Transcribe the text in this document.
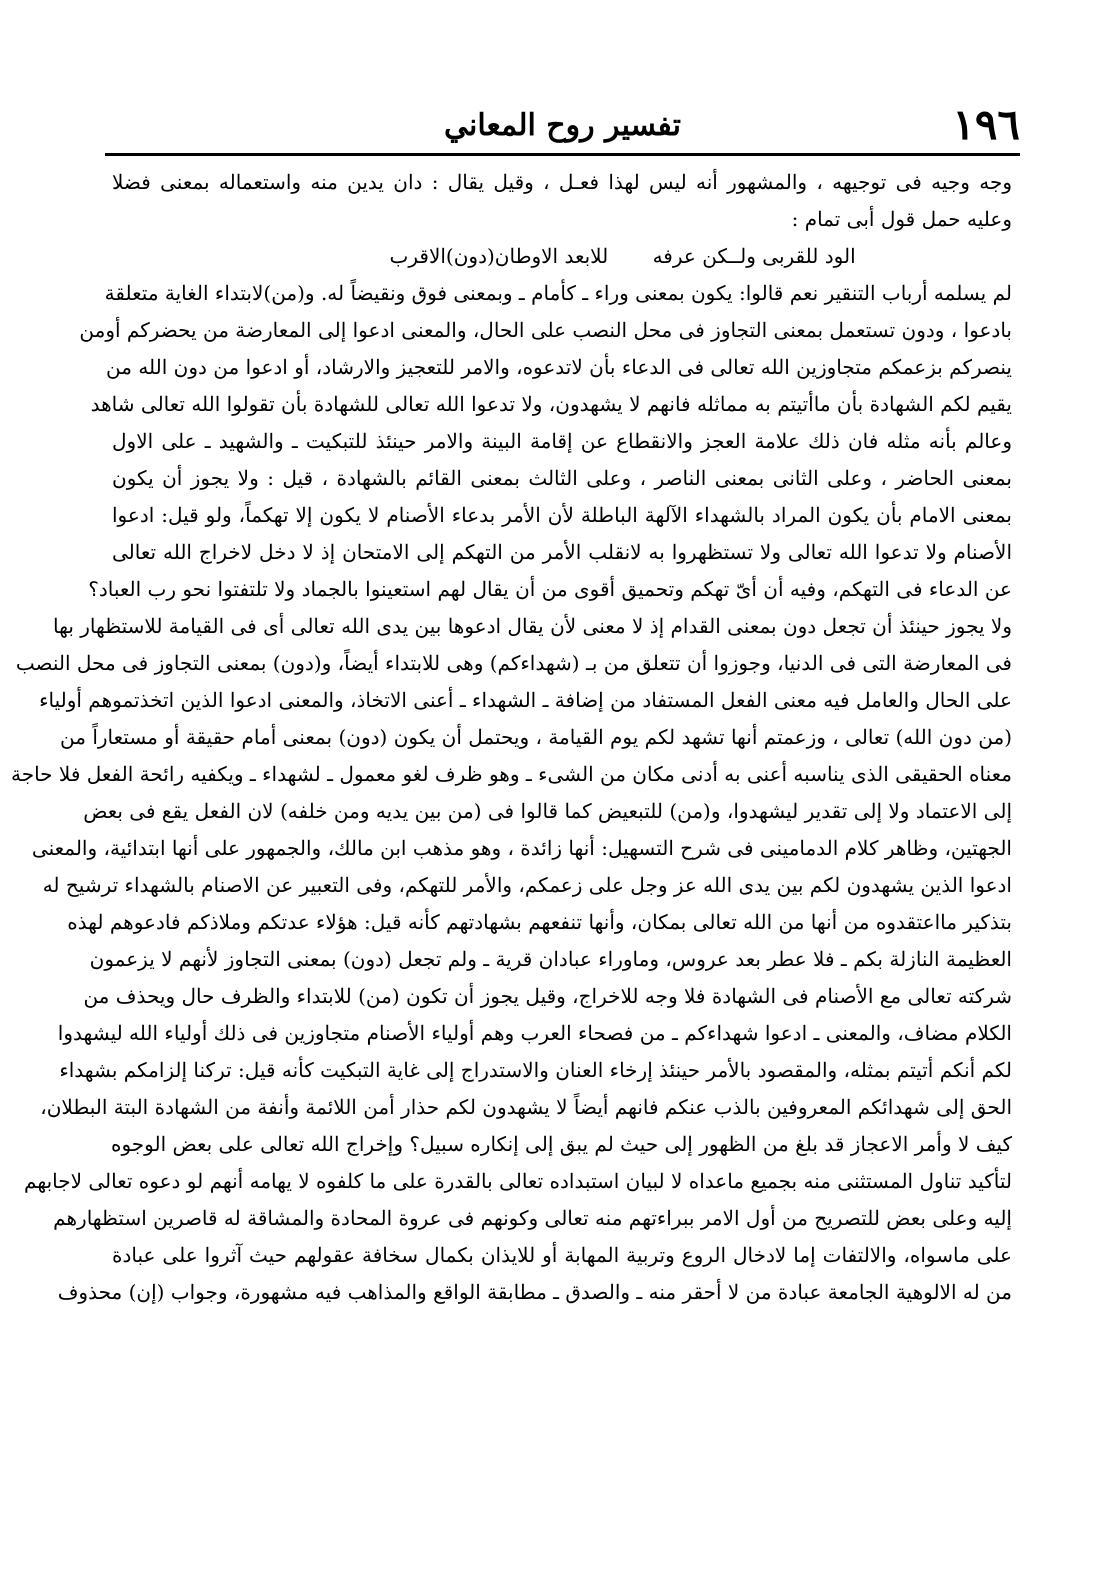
١٩٦
تفسير روح المعاني
وجه وجيه فى توجيهه ، والمشهور أنه ليس لهذا فعـل ، وقيل يقال : دان يدين منه واستعماله بمعنى فضلا
وعليه حمل قول أبى تمام :
الود للقربى ولــكن عرفه للابعد الاوطان(دون)الاقرب
لم يسلمه أرباب التنقير نعم قالوا: يكون بمعنى وراء ـ كأمام ـ وبمعنى فوق ونقيضاً له. و(من)لابتداء الغاية متعلقة
بادعوا ، ودون تستعمل بمعنى التجاوز فى محل النصب على الحال، والمعنى ادعوا إلى المعارضة من يحضركم أومن
ينصركم بزعمكم متجاوزين الله تعالى فى الدعاء بأن لاتدعوه، والامر للتعجيز والارشاد، أو ادعوا من دون الله من
يقيم لكم الشهادة بأن ماأتيتم به مماثله فانهم لا يشهدون، ولا تدعوا الله تعالى للشهادة بأن تقولوا الله تعالى شاهد
وعالم بأنه مثله فان ذلك علامة العجز والانقطاع عن إقامة البينة والامر حينئذ للتبكيت ـ والشهيد ـ على الاول
بمعنى الحاضر ، وعلى الثانى بمعنى الناصر ، وعلى الثالث بمعنى القائم بالشهادة ، قيل : ولا يجوز أن يكون
بمعنى الامام بأن يكون المراد بالشهداء الآلهة الباطلة لأن الأمر بدعاء الأصنام لا يكون إلا تهكماً، ولو قيل: ادعوا
الأصنام ولا تدعوا الله تعالى ولا تستظهروا به لانقلب الأمر من التهكم إلى الامتحان إذ لا دخل لاخراج الله تعالى
عن الدعاء فى التهكم، وفيه أن أىّ تهكم وتحميق أقوى من أن يقال لهم استعينوا بالجماد ولا تلتفتوا نحو رب العباد؟
ولا يجوز حينئذ أن تجعل دون بمعنى القدام إذ لا معنى لأن يقال ادعوها بين يدى الله تعالى أى فى القيامة للاستظهار بها
فى المعارضة التى فى الدنيا، وجوزوا أن تتعلق من بـ (شهداءكم) وهى للابتداء أيضاً، و(دون) بمعنى التجاوز فى محل النصب
على الحال والعامل فيه معنى الفعل المستفاد من إضافة ـ الشهداء ـ أعنى الاتخاذ، والمعنى ادعوا الذين اتخذتموهم أولياء
(من دون الله) تعالى ، وزعمتم أنها تشهد لكم يوم القيامة ، ويحتمل أن يكون (دون) بمعنى أمام حقيقة أو مستعاراً من
معناه الحقيقى الذى يناسبه أعنى به أدنى مكان من الشىء ـ وهو ظرف لغو معمول ـ لشهداء ـ ويكفيه رائحة الفعل فلا حاجة
إلى الاعتماد ولا إلى تقدير ليشهدوا، و(من) للتبعيض كما قالوا فى (من بين يديه ومن خلفه) لان الفعل يقع فى بعض
الجهتين، وظاهر كلام الدمامينى فى شرح التسهيل: أنها زائدة ، وهو مذهب ابن مالك، والجمهور على أنها ابتدائية، والمعنى
ادعوا الذين يشهدون لكم بين يدى الله عز وجل على زعمكم، والأمر للتهكم، وفى التعبير عن الاصنام بالشهداء ترشيح له
بتذكير مااعتقدوه من أنها من الله تعالى بمكان، وأنها تنفعهم بشهادتهم كأنه قيل: هؤلاء عدتكم وملاذكم فادعوهم لهذه
العظيمة النازلة بكم ـ فلا عطر بعد عروس، وماوراء عبادان قرية ـ ولم تجعل (دون) بمعنى التجاوز لأنهم لا يزعمون
شركته تعالى مع الأصنام فى الشهادة فلا وجه للاخراج، وقيل يجوز أن تكون (من) للابتداء والظرف حال ويحذف من
الكلام مضاف، والمعنى ـ ادعوا شهداءكم ـ من فصحاء العرب وهم أولياء الأصنام متجاوزين فى ذلك أولياء الله ليشهدوا
لكم أنكم أتيتم بمثله، والمقصود بالأمر حينئذ إرخاء العنان والاستدراج إلى غاية التبكيت كأنه قيل: تركنا إلزامكم بشهداء
الحق إلى شهدائكم المعروفين بالذب عنكم فانهم أيضاً لا يشهدون لكم حذار أمن اللائمة وأنفة من الشهادة البتة البطلان،
كيف لا وأمر الاعجاز قد بلغ من الظهور إلى حيث لم يبق إلى إنكاره سبيل؟ وإخراج الله تعالى على بعض الوجوه
لتأكيد تناول المستثنى منه بجميع ماعداه لا لبيان استبداده تعالى بالقدرة على ما كلفوه لا يهامه أنهم لو دعوه تعالى لاجابهم
إليه وعلى بعض للتصريح من أول الامر ببراءتهم منه تعالى وكونهم فى عروة المحادة والمشاقة له قاصرين استظهارهم
على ماسواه، والالتفات إما لادخال الروع وتربية المهابة أو للايذان بكمال سخافة عقولهم حيث آثروا على عبادة
من له الالوهية الجامعة عبادة من لا أحقر منه ـ والصدق ـ مطابقة الواقع والمذاهب فيه مشهورة، وجواب (إن) محذوف
